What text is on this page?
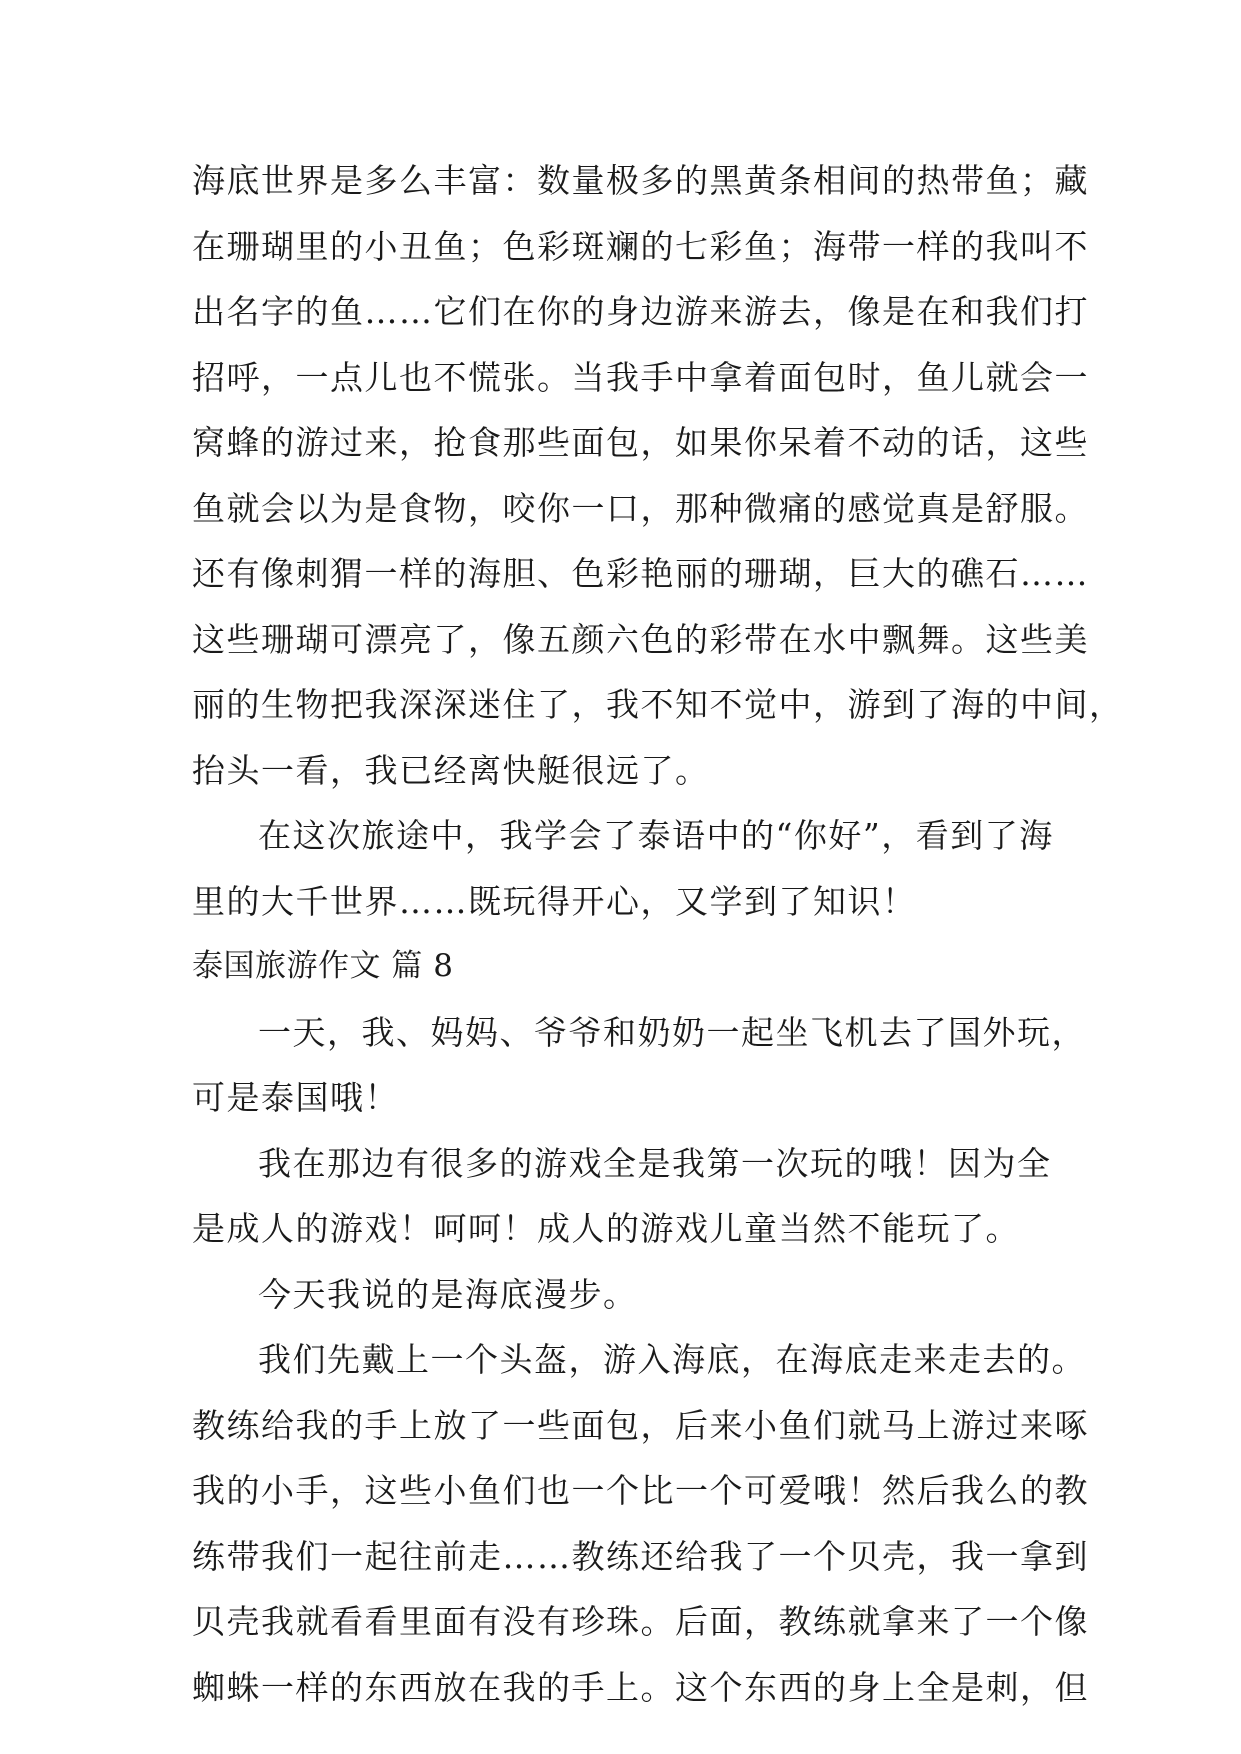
海底世界是多么丰富：数量极多的黑黄条相间的热带鱼；藏
在珊瑚里的小丑鱼；色彩斑斓的七彩鱼；海带一样的我叫不
出名字的鱼……它们在你的身边游来游去，像是在和我们打
招呼，一点儿也不慌张。当我手中拿着面包时，鱼儿就会一
窝蜂的游过来，抢食那些面包，如果你呆着不动的话，这些
鱼就会以为是食物，咬你一口，那种微痛的感觉真是舒服。
还有像刺猬一样的海胆、色彩艳丽的珊瑚，巨大的礁石……
这些珊瑚可漂亮了，像五颜六色的彩带在水中飘舞。这些美
丽的生物把我深深迷住了，我不知不觉中，游到了海的中间，
抬头一看，我已经离快艇很远了。
在这次旅途中，我学会了泰语中的“你好”，看到了海
里的大千世界……既玩得开心，又学到了知识！
泰国旅游作文 篇 8
一天，我、妈妈、爷爷和奶奶一起坐飞机去了国外玩，
可是泰国哦！
我在那边有很多的游戏全是我第一次玩的哦！因为全
是成人的游戏！呵呵！成人的游戏儿童当然不能玩了。
今天我说的是海底漫步。
我们先戴上一个头盔，游入海底，在海底走来走去的。
教练给我的手上放了一些面包，后来小鱼们就马上游过来啄
我的小手，这些小鱼们也一个比一个可爱哦！然后我么的教
练带我们一起往前走……教练还给我了一个贝壳，我一拿到
贝壳我就看看里面有没有珍珠。后面，教练就拿来了一个像
蜘蛛一样的东西放在我的手上。这个东西的身上全是刺，但
